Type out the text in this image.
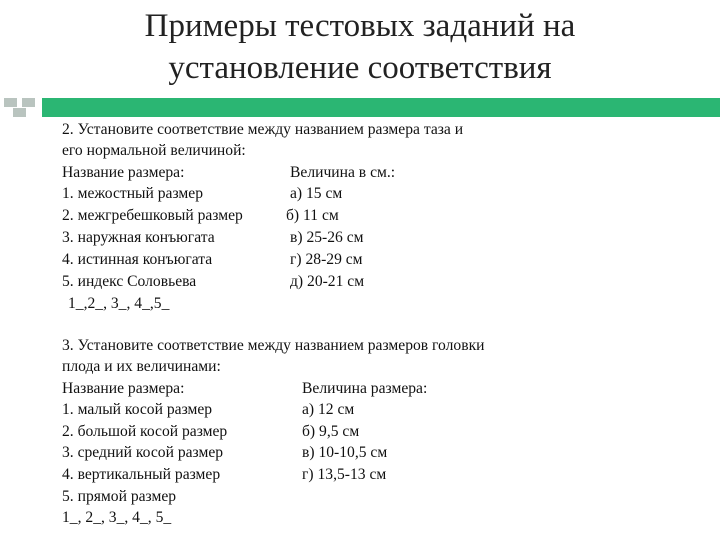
Примеры тестовых заданий на
установление соответствия
2. Установите соответствие между названием размера таза и
его нормальной величиной:
Название размера:	Величина в см.:
1. межостный размер	а) 15 см
2. межгребешковый размер	б) 11 см
3. наружная конъюгата	в) 25-26 см
4. истинная конъюгата	г) 28-29 см
5. индекс Соловьева	д) 20-21 см
1_,2_, 3_, 4_,5_
3. Установите соответствие между названием размеров головки
плода и их величинами:
Название размера:	Величина размера:
1. малый косой размер	а) 12 см
2. большой косой размер	б) 9,5 см
3. средний косой размер	в) 10-10,5 см
4. вертикальный размер	г) 13,5-13 см
5. прямой размер
1_, 2_, 3_, 4_, 5_
